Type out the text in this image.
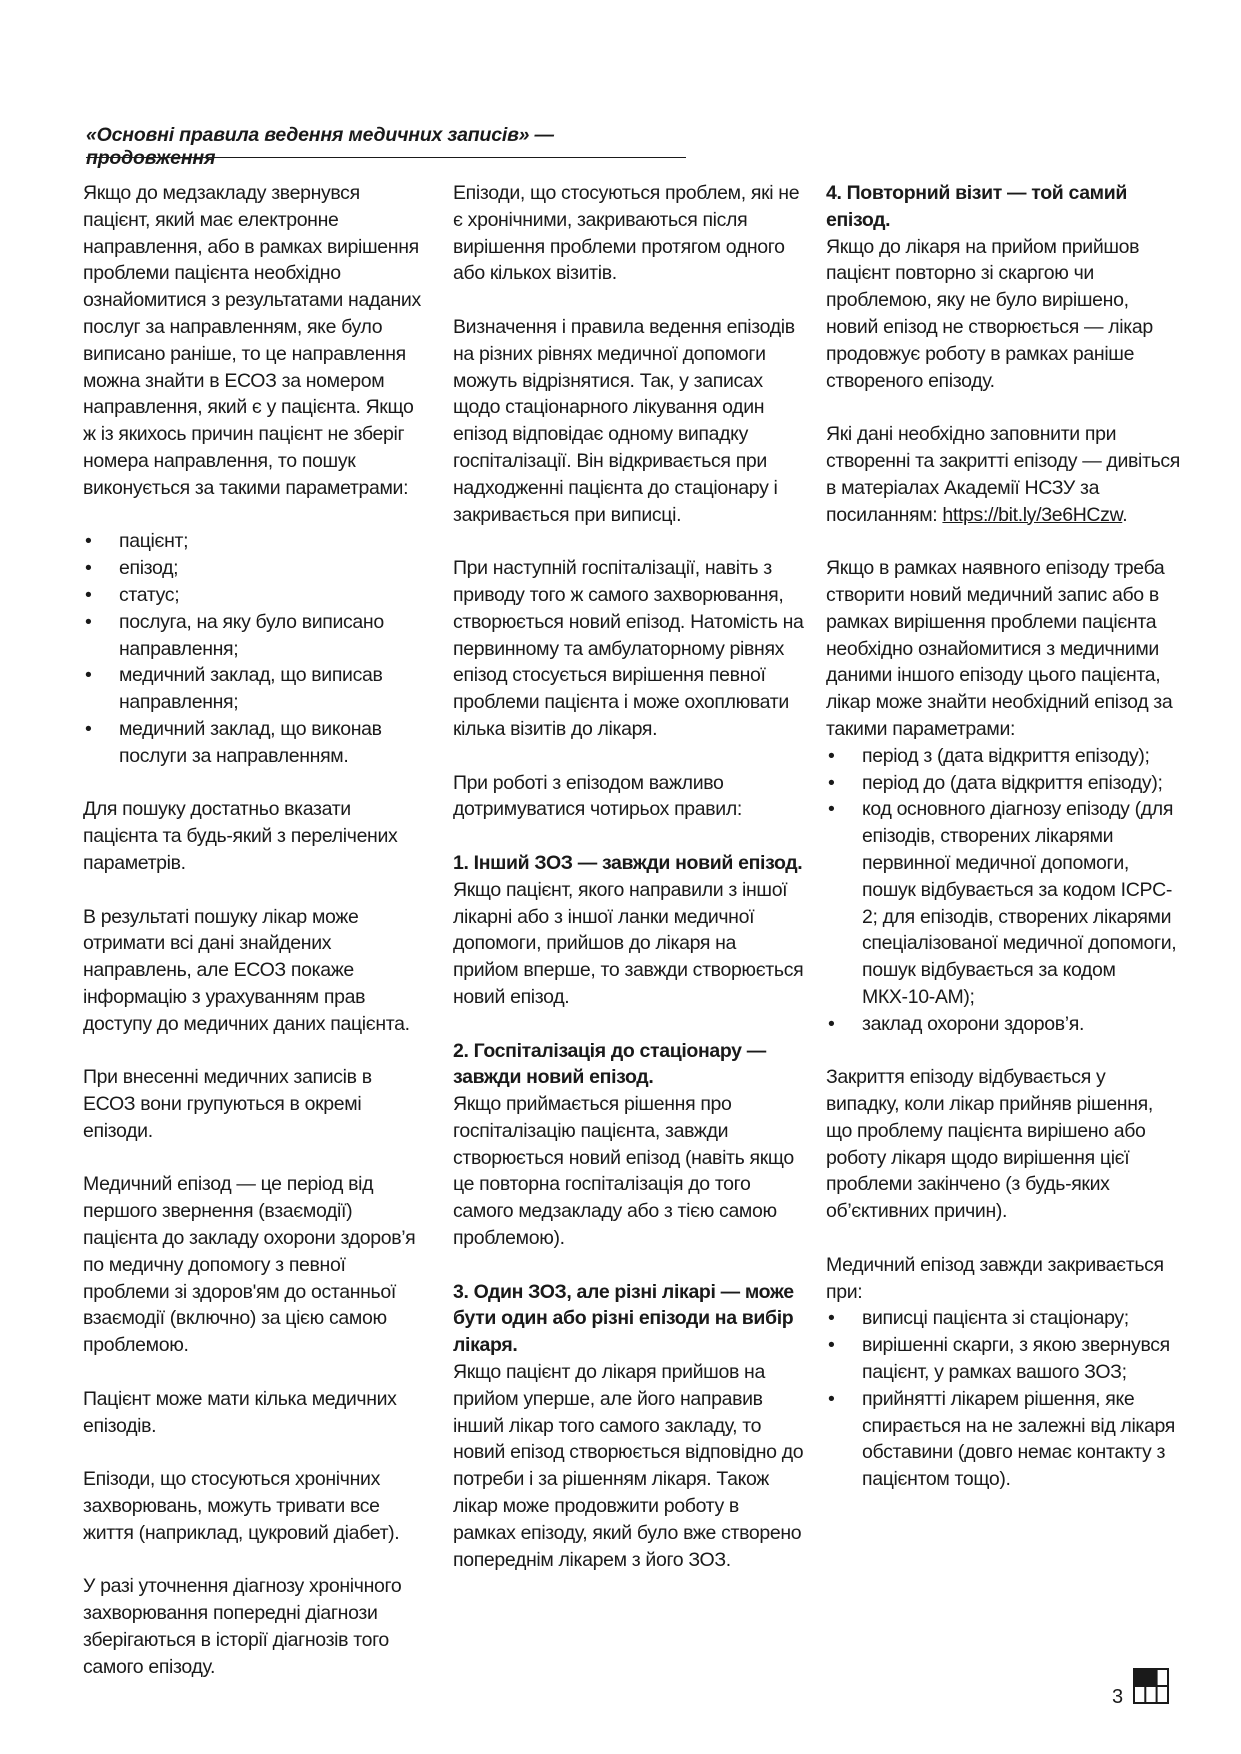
«Основні правила ведення медичних записів» — продовження

Якщо до медзакладу звернувся пацієнт, який має електронне направлення, або в рамках вирішення проблеми пацієнта необхідно ознайомитися з результатами наданих послуг за направленням, яке було виписано раніше, то це направлення можна знайти в ЕСОЗ за номером направлення, який є у пацієнта. Якщо ж із якихось причин пацієнт не зберіг номера направлення, то пошук виконується за такими параметрами:

• пацієнт;
• епізод;
• статус;
• послуга, на яку було виписано направлення;
• медичний заклад, що виписав направлення;
• медичний заклад, що виконав послуги за направленням.

Для пошуку достатньо вказати пацієнта та будь-який з перелічених параметрів.

В результаті пошуку лікар може отримати всі дані знайдених направлень, але ЕСОЗ покаже інформацію з урахуванням прав доступу до медичних даних пацієнта.

При внесенні медичних записів в ЕСОЗ вони групуються в окремі епізоди.

Медичний епізод — це період від першого звернення (взаємодії) пацієнта до закладу охорони здоров’я по медичну допомогу з певної проблеми зі здоров'ям до останньої взаємодії (включно) за цією самою проблемою.

Пацієнт може мати кілька медичних епізодів.

Епізоди, що стосуються хронічних захворювань, можуть тривати все життя (наприклад, цукровий діабет).

У разі уточнення діагнозу хронічного захворювання попередні діагнози зберігаються в історії діагнозів того самого епізоду.

Епізоди, що стосуються проблем, які не є хронічними, закриваються після вирішення проблеми протягом одного або кількох візитів.

Визначення і правила ведення епізодів на різних рівнях медичної допомоги можуть відрізнятися. Так, у записах щодо стаціонарного лікування один епізод відповідає одному випадку госпіталізації. Він відкривається при надходженні пацієнта до стаціонару і закривається при виписці.

При наступній госпіталізації, навіть з приводу того ж самого захворювання, створюється новий епізод. Натомість на первинному та амбулаторному рівнях епізод стосується вирішення певної проблеми пацієнта і може охоплювати кілька візитів до лікаря.

При роботі з епізодом важливо дотримуватися чотирьох правил:

1. Інший ЗОЗ — завжди новий епізод.

Якщо пацієнт, якого направили з іншої лікарні або з іншої ланки медичної допомоги, прийшов до лікаря на прийом вперше, то завжди створюється новий епізод.

2. Госпіталізація до стаціонару — завжди новий епізод.

Якщо приймається рішення про госпіталізацію пацієнта, завжди створюється новий епізод (навіть якщо це повторна госпіталізація до того самого медзакладу або з тією самою проблемою).

3. Один ЗОЗ, але різні лікарі — може бути один або різні епізоди на вибір лікаря.

Якщо пацієнт до лікаря прийшов на прийом уперше, але його направив інший лікар того самого закладу, то новий епізод створюється відповідно до потреби і за рішенням лікаря. Також лікар може продовжити роботу в рамках епізоду, який було вже створено попереднім лікарем з його ЗОЗ.

4. Повторний візит — той самий епізод.

Якщо до лікаря на прийом прийшов пацієнт повторно зі скаргою чи проблемою, яку не було вирішено, новий епізод не створюється — лікар продовжує роботу в рамках раніше створеного епізоду.

Які дані необхідно заповнити при створенні та закритті епізоду — дивіться в матеріалах Академії НСЗУ за посиланням: https://bit.ly/3e6HCzw.

Якщо в рамках наявного епізоду треба створити новий медичний запис або в рамках вирішення проблеми пацієнта необхідно ознайомитися з медичними даними іншого епізоду цього пацієнта, лікар може знайти необхідний епізод за такими параметрами:

• період з (дата відкриття епізоду);
• період до (дата відкриття епізоду);
• код основного діагнозу епізоду (для епізодів, створених лікарями первинної медичної допомоги, пошук відбувається за кодом ICPC-2; для епізодів, створених лікарями спеціалізованої медичної допомоги, пошук відбувається за кодом МКХ-10-АМ);
• заклад охорони здоров’я.

Закриття епізоду відбувається у випадку, коли лікар прийняв рішення, що проблему пацієнта вирішено або роботу лікаря щодо вирішення цієї проблеми закінчено (з будь-яких об’єктивних причин).

Медичний епізод завжди закривається при:

• виписці пацієнта зі стаціонару;
• вирішенні скарги, з якою звернувся пацієнт, у рамках вашого ЗОЗ;
• прийнятті лікарем рішення, яке спирається на не залежні від лікаря обставини (довго немає контакту з пацієнтом тощо).
3
